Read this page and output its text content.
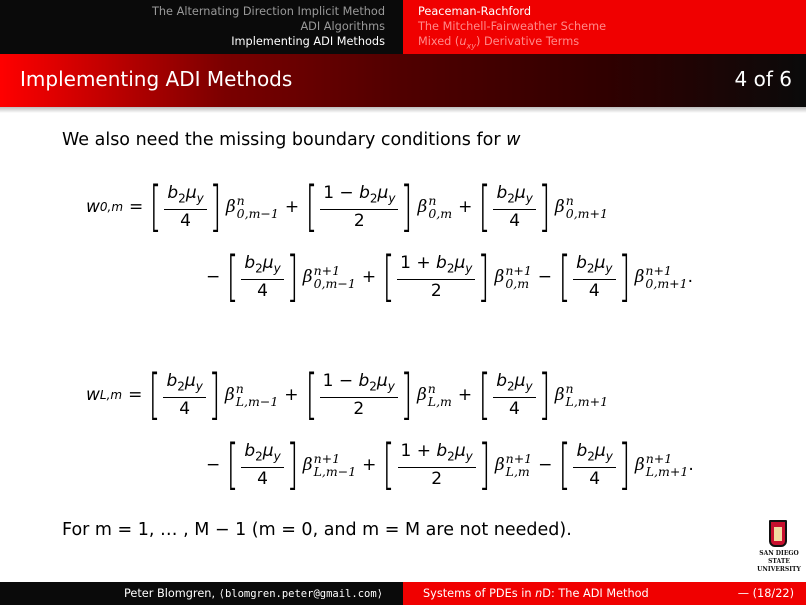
The Alternating Direction Implicit Method
ADI Algorithms
Implementing ADI Methods
Peaceman-Rachford
The Mitchell-Fairweather Scheme
Mixed $(u_{xy})$ Derivative Terms
Implementing ADI Methods	4 of 6
We also need the missing boundary conditions for w
w 0,m = [ $\frac{b_2\mu_y}{4}$ ] β n
0,m−1 + [ $\frac{1 - b_2\mu_y}{2}$ ] β n
0,m + [ $\frac{b_2\mu_y}{4}$ ] β n
0,m+1
− [ $\frac{b_2\mu_y}{4}$ ] β n+1
0,m−1 + [ $\frac{1 + b_2\mu_y}{2}$ ] β n+1
0,m − [ $\frac{b_2\mu_y}{4}$ ] β n+1
0,m+1 .
w L,m = [ $\frac{b_2\mu_y}{4}$ ] β n
L,m−1 + [ $\frac{1 - b_2\mu_y}{2}$ ] β n
L,m + [ $\frac{b_2\mu_y}{4}$ ] β n
L,m+1
− [ $\frac{b_2\mu_y}{4}$ ] β n+1
L,m−1 + [ $\frac{1 + b_2\mu_y}{2}$ ] β n+1
L,m − [ $\frac{b_2\mu_y}{4}$ ] β n+1
L,m+1 .
For m = 1, … , M − 1 (m = 0, and m = M are not needed).
SAN DIEGO STATE
UNIVERSITY
Peter Blomgren, ⟨blomgren.peter@gmail.com⟩	Systems of PDEs in nD: The ADI Method	— (18/22)
